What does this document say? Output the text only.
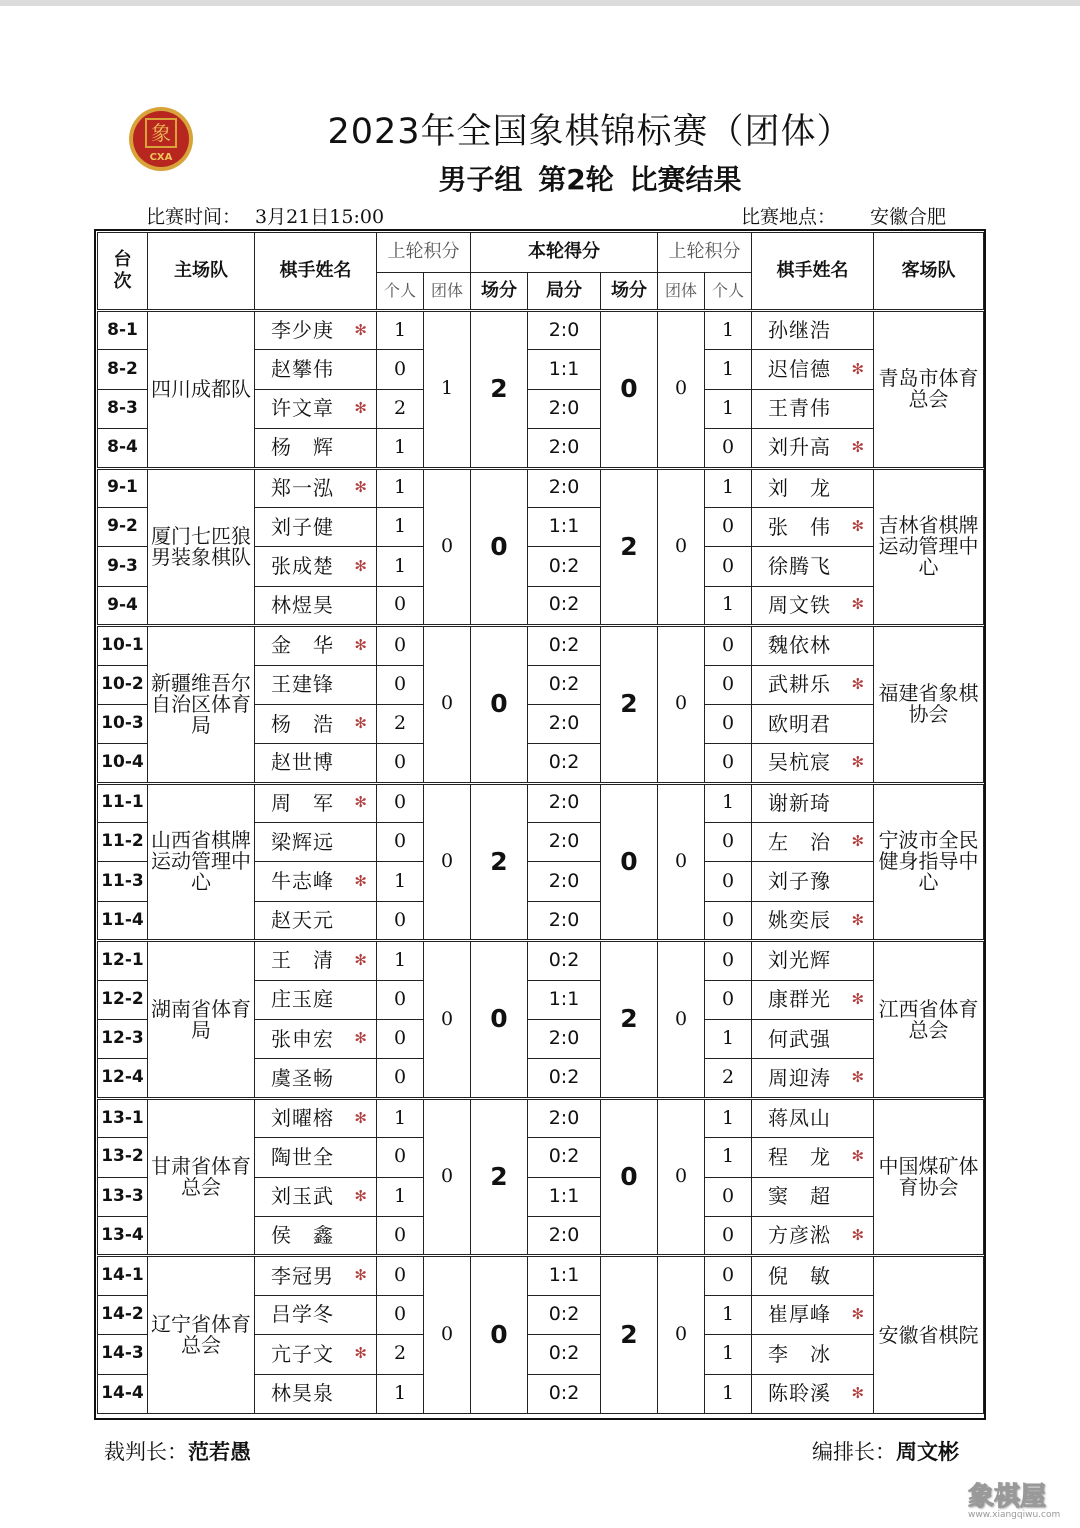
象
CXA
2023年全国象棋锦标赛（团体）
男子组 第2轮 比赛结果
比赛时间： 3月21日15:00	比赛地点： 安徽合肥
台次	主场队	棋手姓名	上轮积分		本轮得分			上轮积分		棋手姓名	客场队
			个人	团体	场分	局分	场分	团体	个人		
8-1	四川成都队	李少庚 ✻	1	1	2	2:0	0	0	1	孙继浩	青岛市体育总会
8-2		赵攀伟	0			1:1			1	迟信德 ✻	

8-3		许文章 ✻	2			2:0			1	王青伟	
8-4		杨　辉	1			2:0			0	刘升高 ✻	

9-1	厦门七匹狼男装象棋队	郑一泓 ✻	1	0	0	2:0	2	0	1	刘　龙	吉林省棋牌运动管理中心
9-2		刘子健	1			1:1			0	张　伟 ✻	

9-3		张成楚 ✻	1			0:2			0	徐腾飞	
9-4		林煜昊	0			0:2			1	周文铁 ✻	

10-1	新疆维吾尔自治区体育局	金　华 ✻	0	0	0	0:2	2	0	0	魏依林	福建省象棋协会
10-2		王建锋	0			0:2			0	武耕乐 ✻	

10-3		杨　浩 ✻	2			2:0			0	欧明君	
10-4		赵世博	0			0:2			0	吴杭宸 ✻	

11-1	山西省棋牌运动管理中心	周　军 ✻	0	0	2	2:0	0	0	1	谢新琦	宁波市全民健身指导中心
11-2		梁辉远	0			2:0			0	左　治 ✻	

11-3		牛志峰 ✻	1			2:0			0	刘子豫	
11-4		赵天元	0			2:0			0	姚奕辰 ✻	

12-1	湖南省体育局	王　清 ✻	1	0	0	0:2	2	0	0	刘光辉	江西省体育总会
12-2		庄玉庭	0			1:1			0	康群光 ✻	

12-3		张申宏 ✻	0			2:0			1	何武强	
12-4		虞圣畅	0			0:2			2	周迎涛 ✻	

13-1	甘肃省体育总会	刘曜榕 ✻	1	0	2	2:0	0	0	1	蒋凤山	中国煤矿体育协会
13-2		陶世全	0			0:2			1	程　龙 ✻	

13-3		刘玉武 ✻	1			1:1			0	窦　超	
13-4		侯　鑫	0			2:0			0	方彦淞 ✻	

14-1	辽宁省体育总会	李冠男 ✻	0	0	0	1:1	2	0	0	倪　敏	安徽省棋院
14-2		吕学冬	0			0:2			1	崔厚峰 ✻	

14-3		亢子文 ✻	2			0:2			1	李　冰	
14-4		林昊泉	1			0:2			1	陈聆溪 ✻	
裁判长：范若愚	编排长：周文彬
象棋屋
www.xiangqiwu.com
